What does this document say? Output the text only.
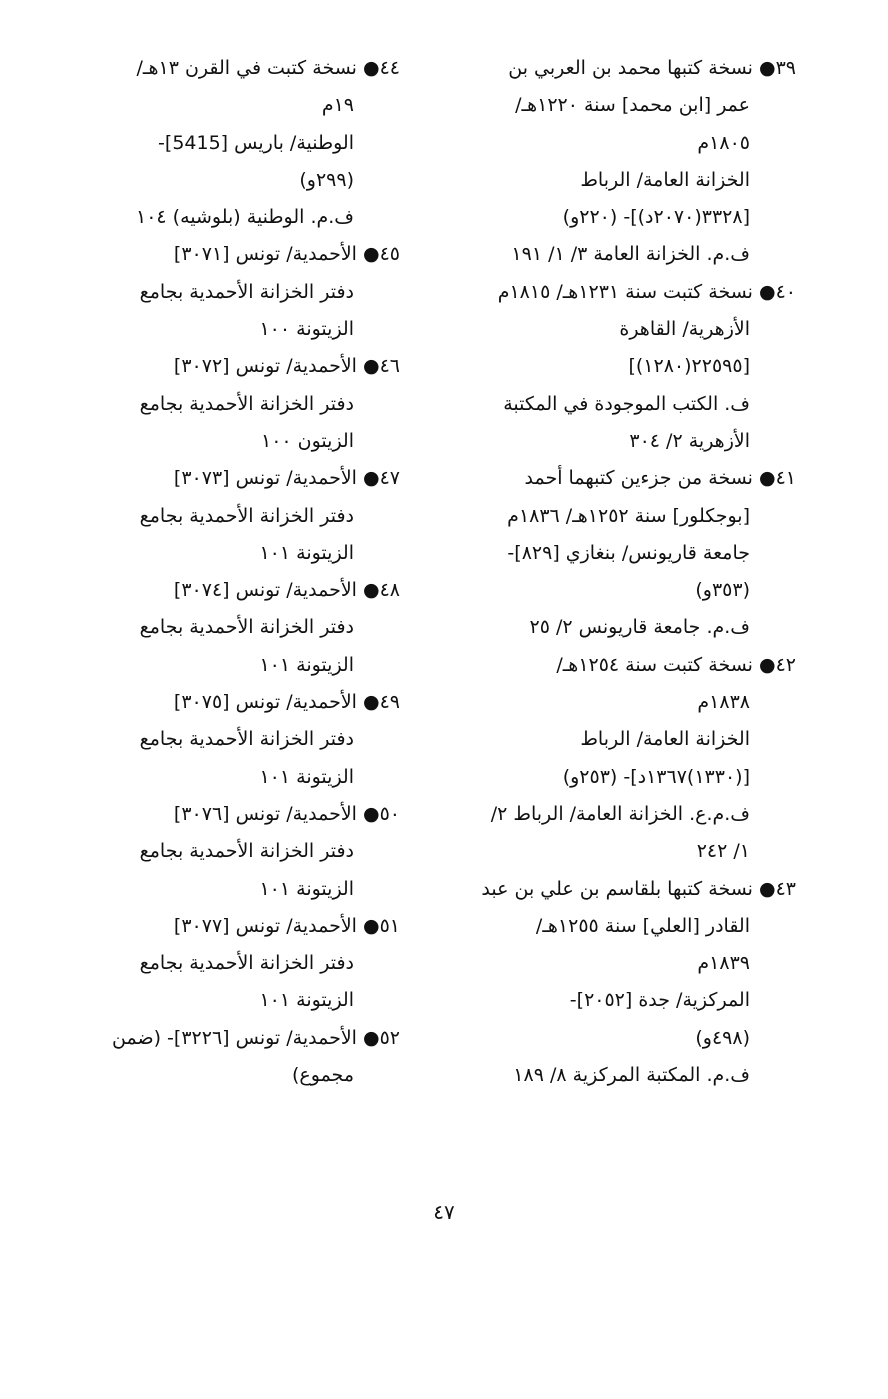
٣٩● نسخة كتبها محمد بن العربي بن
عمر [ابن محمد] سنة ١٢٢٠هـ/
١٨٠٥م
الخزانة العامة/ الرباط
[٣٣٢٨(٢٠٧٠د)]- (٢٢٠و)
ف.م. الخزانة العامة ٣/ ١/ ١٩١
٤٠● نسخة كتبت سنة ١٢٣١هـ/ ١٨١٥م
الأزهرية/ القاهرة
[(١٢٨٠)٢٢٥٩٥]
ف. الكتب الموجودة في المكتبة
الأزهرية ٢/ ٣٠٤
٤١● نسخة من جزءين كتبهما أحمد
[بوجكلور] سنة ١٢٥٢هـ/ ١٨٣٦م
جامعة قاريونس/ بنغازي [٨٢٩]-
(٣٥٣و)
ف.م. جامعة قاريونس ٢/ ٢٥
٤٢● نسخة كتبت سنة ١٢٥٤هـ/
١٨٣٨م
الخزانة العامة/ الرباط
[(١٣٣٠)١٣٦٧د]- (٢٥٣و)
ف.م.ع. الخزانة العامة/ الرباط ٢/
١/ ٢٤٢
٤٣● نسخة كتبها بلقاسم بن علي بن عبد
القادر [العلي] سنة ١٢٥٥هـ/
١٨٣٩م
المركزية/ جدة [٢٠٥٢]-
(٤٩٨و)
ف.م. المكتبة المركزية ٨/ ١٨٩
٤٤● نسخة كتبت في القرن ١٣هـ/
١٩م
الوطنية/ باريس [5415]-
(٢٩٩و)
ف.م. الوطنية (بلوشيه) ١٠٤
٤٥● الأحمدية/ تونس [٣٠٧١]
دفتر الخزانة الأحمدية بجامع
الزيتونة ١٠٠
٤٦● الأحمدية/ تونس [٣٠٧٢]
دفتر الخزانة الأحمدية بجامع
الزيتون ١٠٠
٤٧● الأحمدية/ تونس [٣٠٧٣]
دفتر الخزانة الأحمدية بجامع
الزيتونة ١٠١
٤٨● الأحمدية/ تونس [٣٠٧٤]
دفتر الخزانة الأحمدية بجامع
الزيتونة ١٠١
٤٩● الأحمدية/ تونس [٣٠٧٥]
دفتر الخزانة الأحمدية بجامع
الزيتونة ١٠١
٥٠● الأحمدية/ تونس [٣٠٧٦]
دفتر الخزانة الأحمدية بجامع
الزيتونة ١٠١
٥١● الأحمدية/ تونس [٣٠٧٧]
دفتر الخزانة الأحمدية بجامع
الزيتونة ١٠١
٥٢● الأحمدية/ تونس [٣٢٢٦]- (ضمن
مجموع)
٤٧
